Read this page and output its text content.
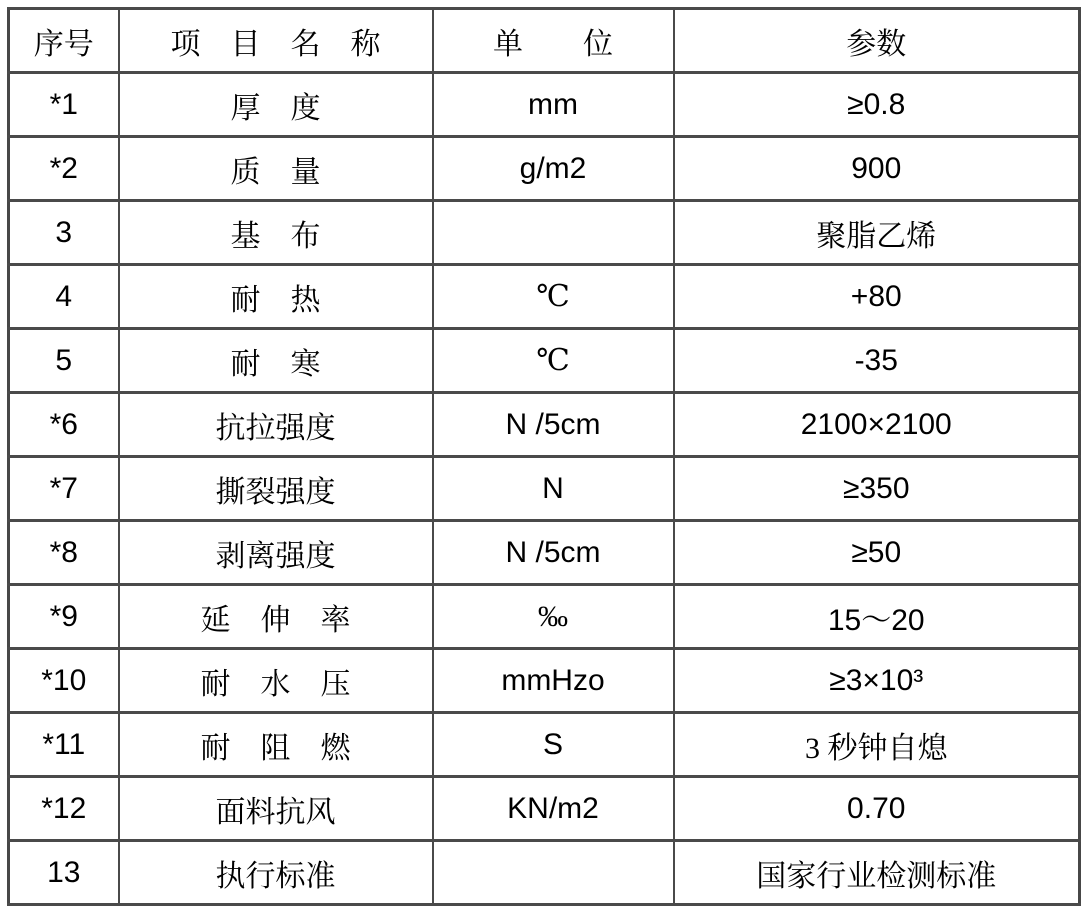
序号	项　目　名　称	单　　位	参数
*1	厚　度	mm	≥0.8
*2	质　量	g/m2	900
3	基　布		聚脂乙烯
4	耐　热	℃	+80
5	耐　寒	℃	-35
*6	抗拉强度	N /5cm	2100×2100
*7	撕裂强度	N	≥350
*8	剥离强度	N /5cm	≥50
*9	延　伸　率	‰	15～20
*10	耐　水　压	mmHzo	≥3×10³
*11	耐　阻　燃	S	3 秒钟自熄
*12	面料抗风	KN/m2	0.70
13	执行标准		国家行业检测标准
